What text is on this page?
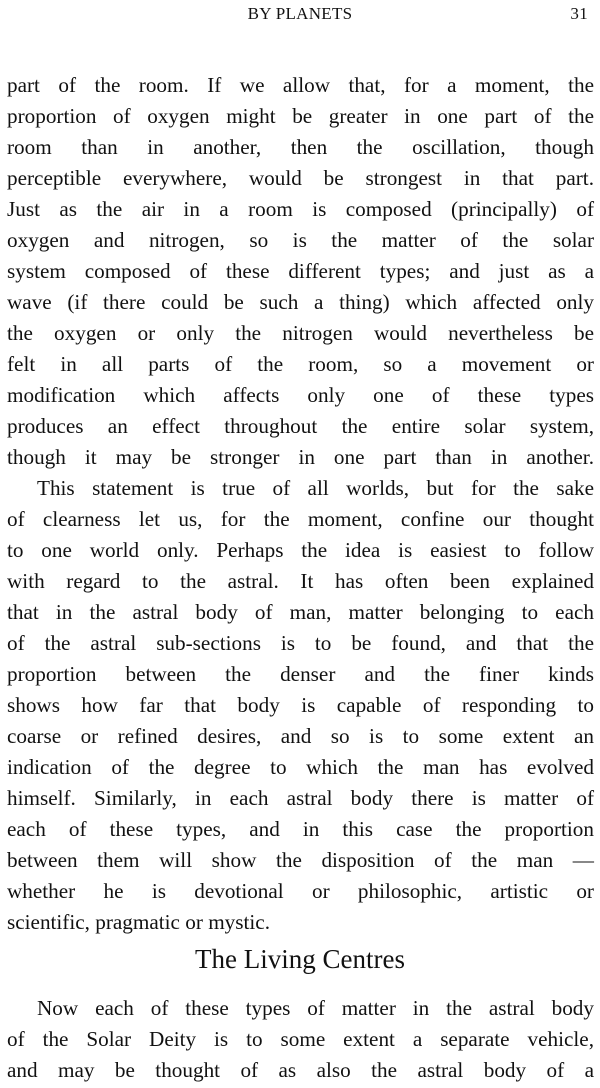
BY PLANETS	31
part of the room. If we allow that, for a moment, the
proportion of oxygen might be greater in one part of the
room than in another, then the oscillation, though
perceptible everywhere, would be strongest in that part.
Just as the air in a room is composed (principally) of
oxygen and nitrogen, so is the matter of the solar
system composed of these different types; and just as a
wave (if there could be such a thing) which affected only
the oxygen or only the nitrogen would nevertheless be
felt in all parts of the room, so a movement or
modification which affects only one of these types
produces an effect throughout the entire solar system,
though it may be stronger in one part than in another.
This statement is true of all worlds, but for the sake
of clearness let us, for the moment, confine our thought
to one world only. Perhaps the idea is easiest to follow
with regard to the astral. It has often been explained
that in the astral body of man, matter belonging to each
of the astral sub-sections is to be found, and that the
proportion between the denser and the finer kinds
shows how far that body is capable of responding to
coarse or refined desires, and so is to some extent an
indication of the degree to which the man has evolved
himself. Similarly, in each astral body there is matter of
each of these types, and in this case the proportion
between them will show the disposition of the man —
whether he is devotional or philosophic, artistic or
scientific, pragmatic or mystic.
The Living Centres
Now each of these types of matter in the astral body
of the Solar Deity is to some extent a separate vehicle,
and may be thought of as also the astral body of a
